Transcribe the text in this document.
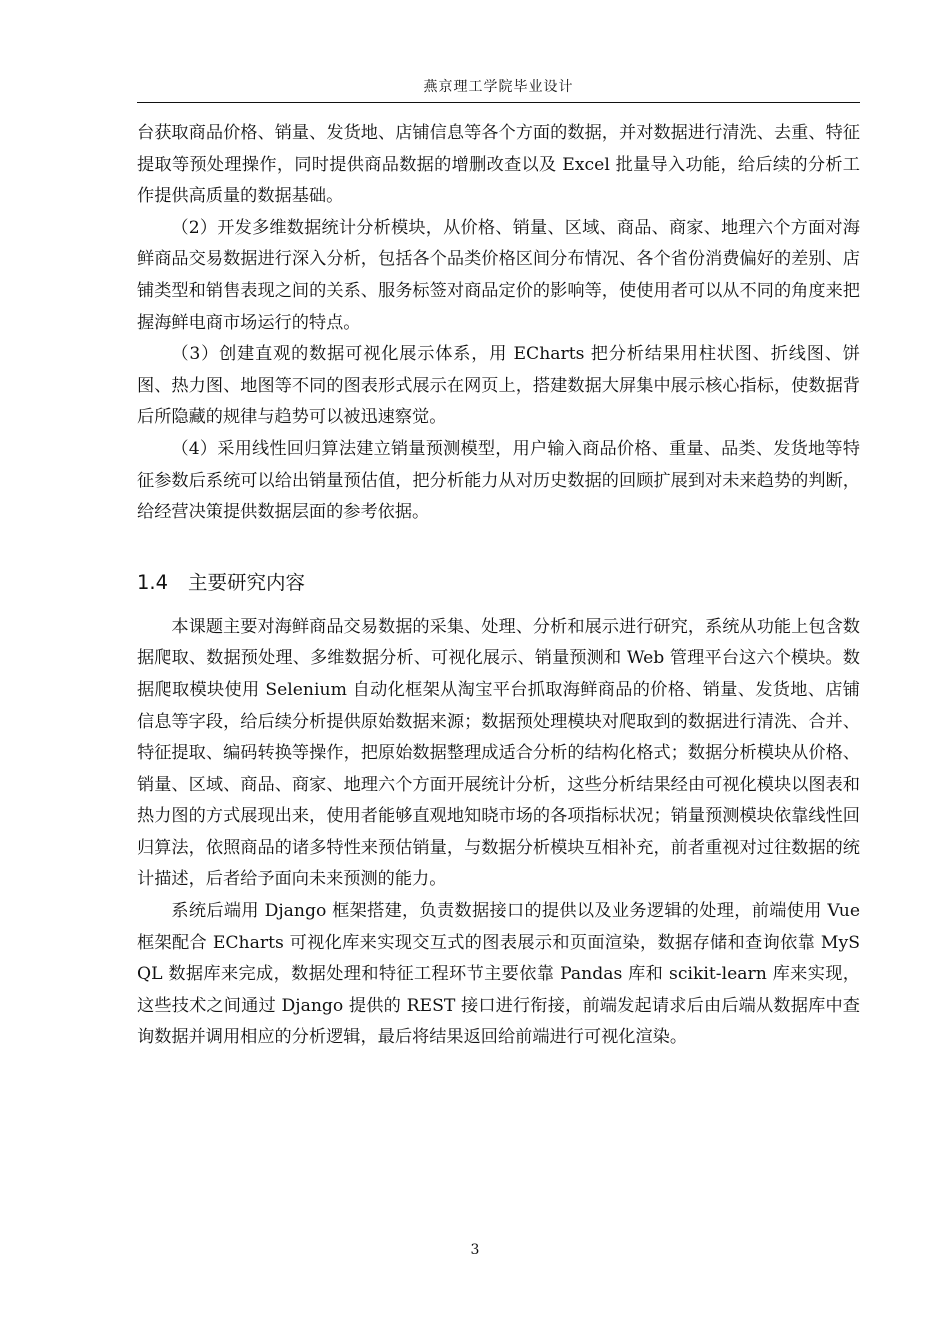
燕京理工学院毕业设计

台获取商品价格、销量、发货地、店铺信息等各个方面的数据，并对数据进行清洗、去重、特征提取等预处理操作，同时提供商品数据的增删改查以及 Excel 批量导入功能，给后续的分析工作提供高质量的数据基础。

（2）开发多维数据统计分析模块，从价格、销量、区域、商品、商家、地理六个方面对海鲜商品交易数据进行深入分析，包括各个品类价格区间分布情况、各个省份消费偏好的差别、店铺类型和销售表现之间的关系、服务标签对商品定价的影响等，使使用者可以从不同的角度来把握海鲜电商市场运行的特点。

（3）创建直观的数据可视化展示体系，用 ECharts 把分析结果用柱状图、折线图、饼图、热力图、地图等不同的图表形式展示在网页上，搭建数据大屏集中展示核心指标，使数据背后所隐藏的规律与趋势可以被迅速察觉。

（4）采用线性回归算法建立销量预测模型，用户输入商品价格、重量、品类、发货地等特征参数后系统可以给出销量预估值，把分析能力从对历史数据的回顾扩展到对未来趋势的判断，给经营决策提供数据层面的参考依据。

1.4 主要研究内容

本课题主要对海鲜商品交易数据的采集、处理、分析和展示进行研究，系统从功能上包含数据爬取、数据预处理、多维数据分析、可视化展示、销量预测和 Web 管理平台这六个模块。数据爬取模块使用 Selenium 自动化框架从淘宝平台抓取海鲜商品的价格、销量、发货地、店铺信息等字段，给后续分析提供原始数据来源；数据预处理模块对爬取到的数据进行清洗、合并、特征提取、编码转换等操作，把原始数据整理成适合分析的结构化格式；数据分析模块从价格、销量、区域、商品、商家、地理六个方面开展统计分析，这些分析结果经由可视化模块以图表和热力图的方式展现出来，使用者能够直观地知晓市场的各项指标状况；销量预测模块依靠线性回归算法，依照商品的诸多特性来预估销量，与数据分析模块互相补充，前者重视对过往数据的统计描述，后者给予面向未来预测的能力。

系统后端用 Django 框架搭建，负责数据接口的提供以及业务逻辑的处理，前端使用 Vue 框架配合 ECharts 可视化库来实现交互式的图表展示和页面渲染，数据存储和查询依靠 MySQL 数据库来完成，数据处理和特征工程环节主要依靠 Pandas 库和 scikit-learn 库来实现，这些技术之间通过 Django 提供的 REST 接口进行衔接，前端发起请求后由后端从数据库中查询数据并调用相应的分析逻辑，最后将结果返回给前端进行可视化渲染。

3
